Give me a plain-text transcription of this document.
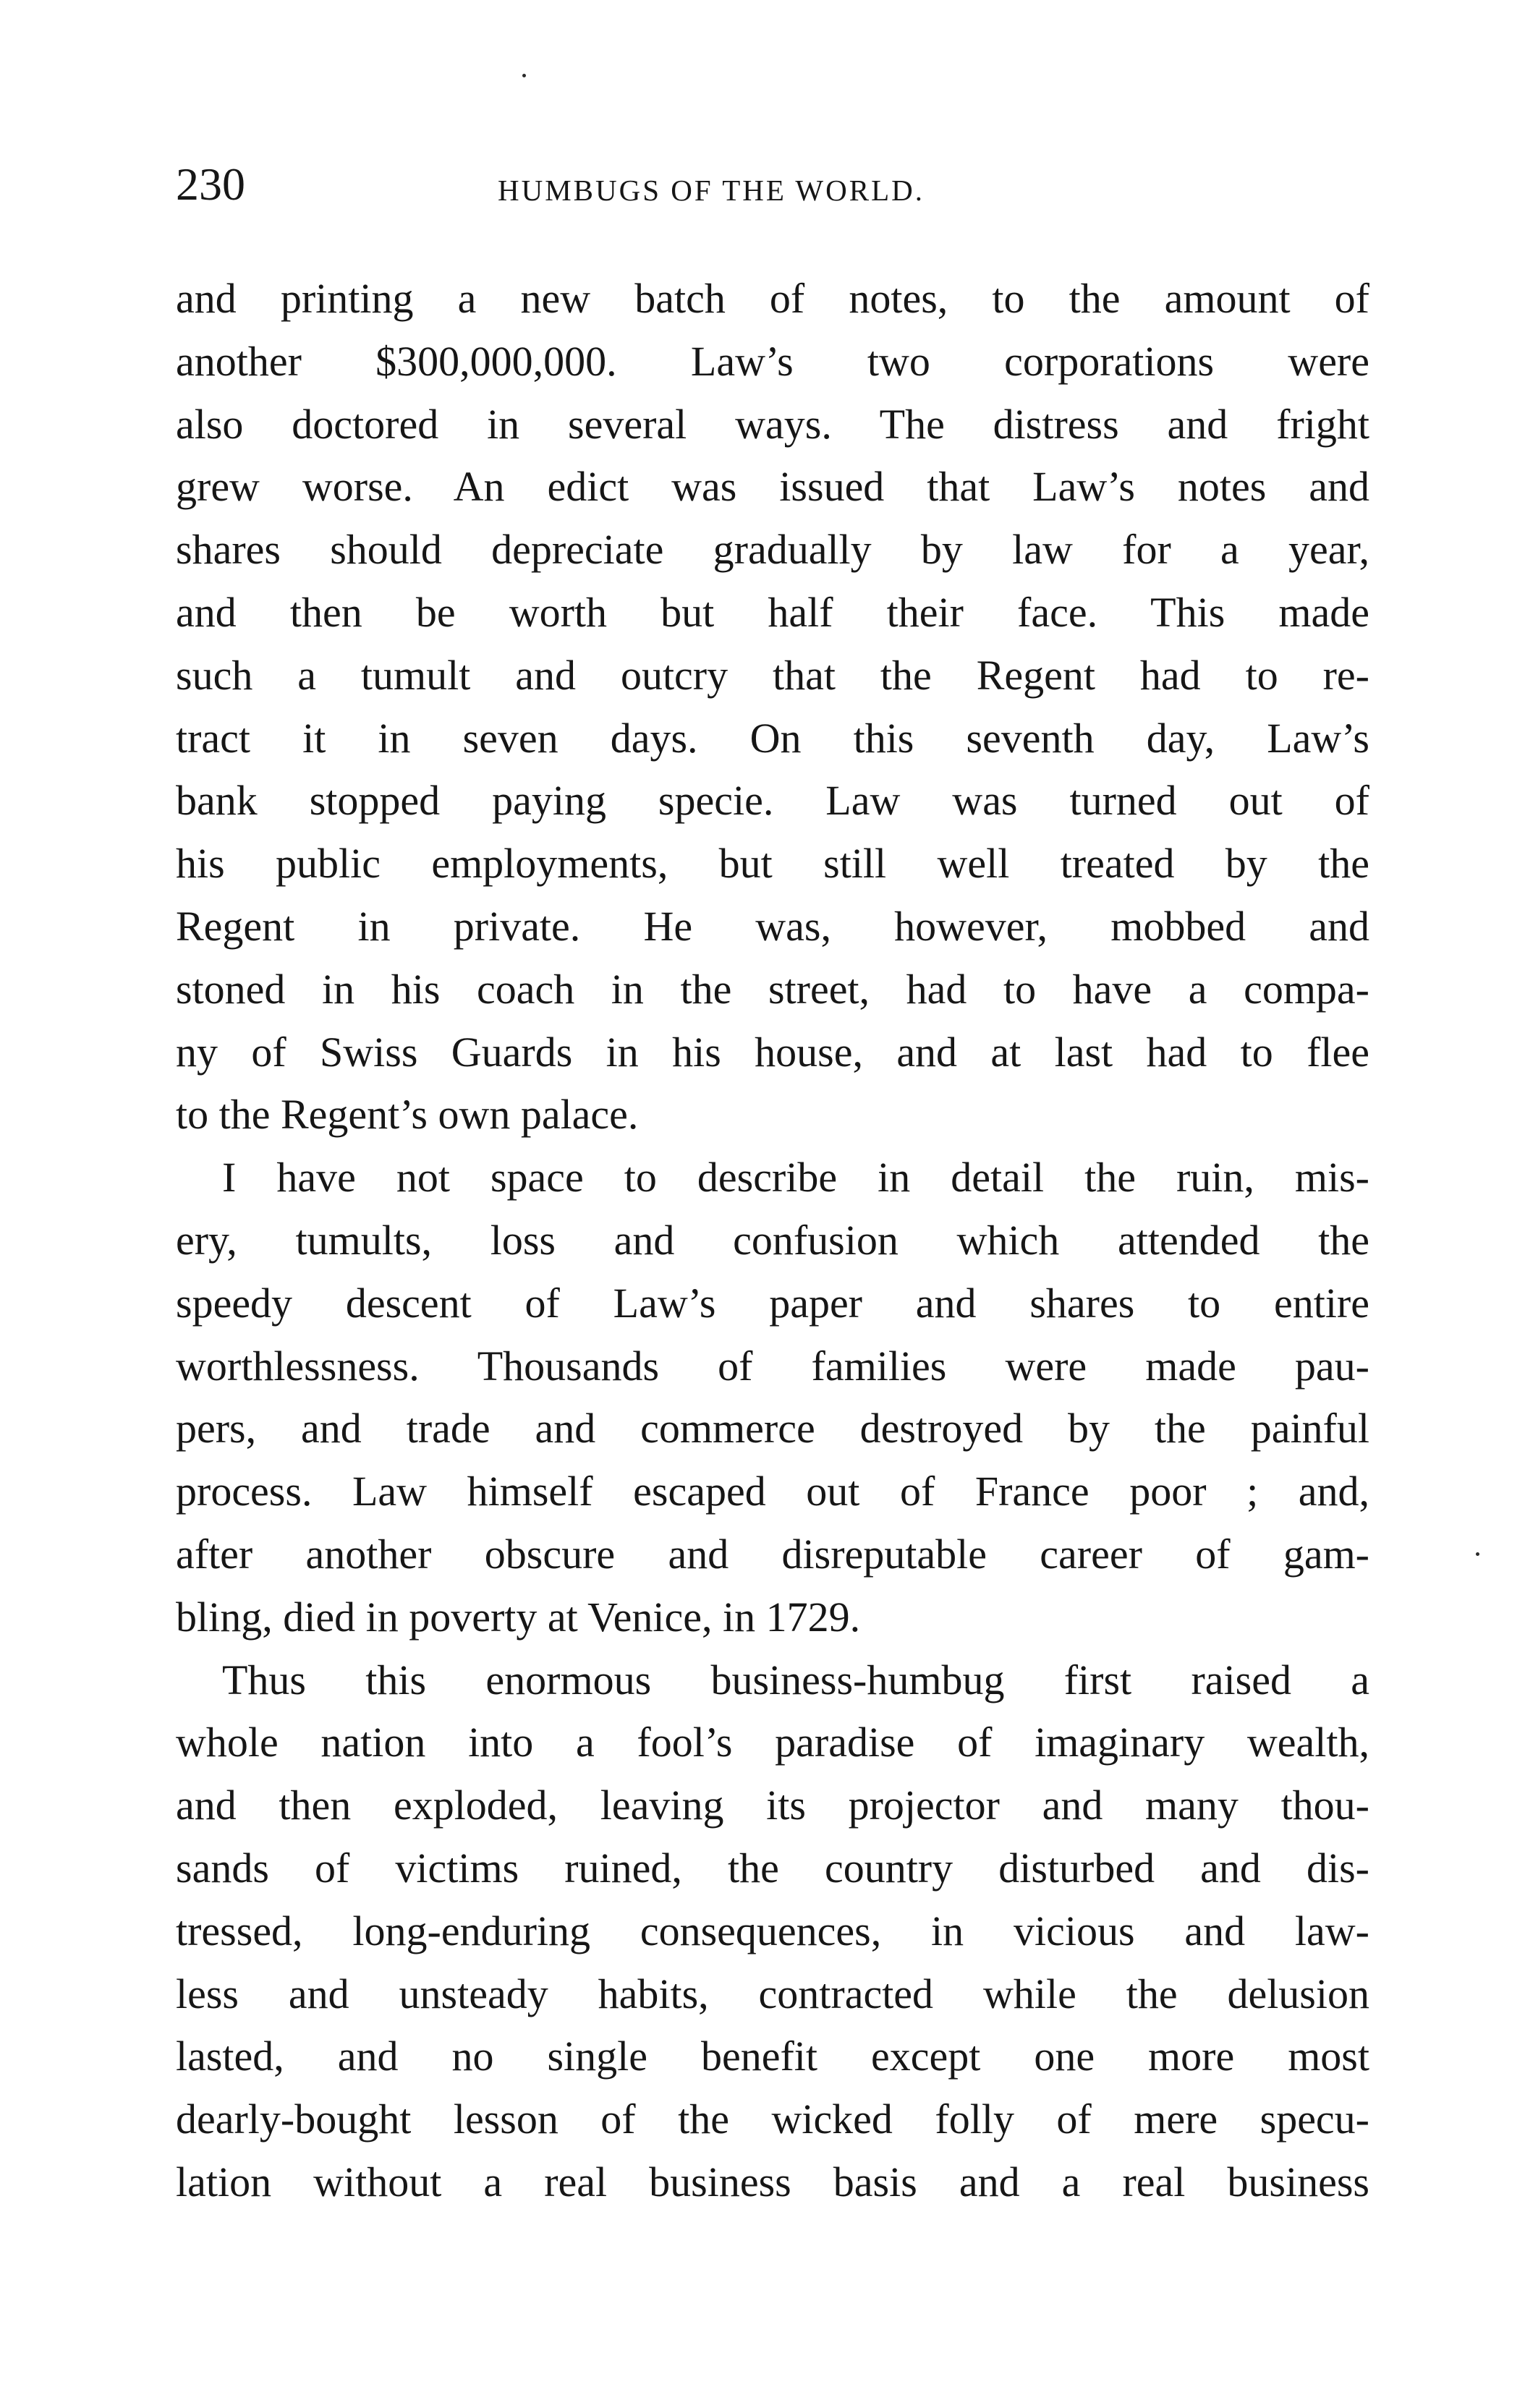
230	HUMBUGS OF THE WORLD.
and printing a new batch of notes, to the amount of
another $300,000,000. Law’s two corporations were
also doctored in several ways. The distress and fright
grew worse. An edict was issued that Law’s notes and
shares should depreciate gradually by law for a year,
and then be worth but half their face. This made
such a tumult and outcry that the Regent had to re-
tract it in seven days. On this seventh day, Law’s
bank stopped paying specie. Law was turned out of
his public employments, but still well treated by the
Regent in private. He was, however, mobbed and
stoned in his coach in the street, had to have a compa-
ny of Swiss Guards in his house, and at last had to flee
to the Regent’s own palace.
I have not space to describe in detail the ruin, mis-
ery, tumults, loss and confusion which attended the
speedy descent of Law’s paper and shares to entire
worthlessness. Thousands of families were made pau-
pers, and trade and commerce destroyed by the painful
process. Law himself escaped out of France poor ; and,
after another obscure and disreputable career of gam-
bling, died in poverty at Venice, in 1729.
Thus this enormous business-humbug first raised a
whole nation into a fool’s paradise of imaginary wealth,
and then exploded, leaving its projector and many thou-
sands of victims ruined, the country disturbed and dis-
tressed, long-enduring consequences, in vicious and law-
less and unsteady habits, contracted while the delusion
lasted, and no single benefit except one more most
dearly-bought lesson of the wicked folly of mere specu-
lation without a real business basis and a real business
